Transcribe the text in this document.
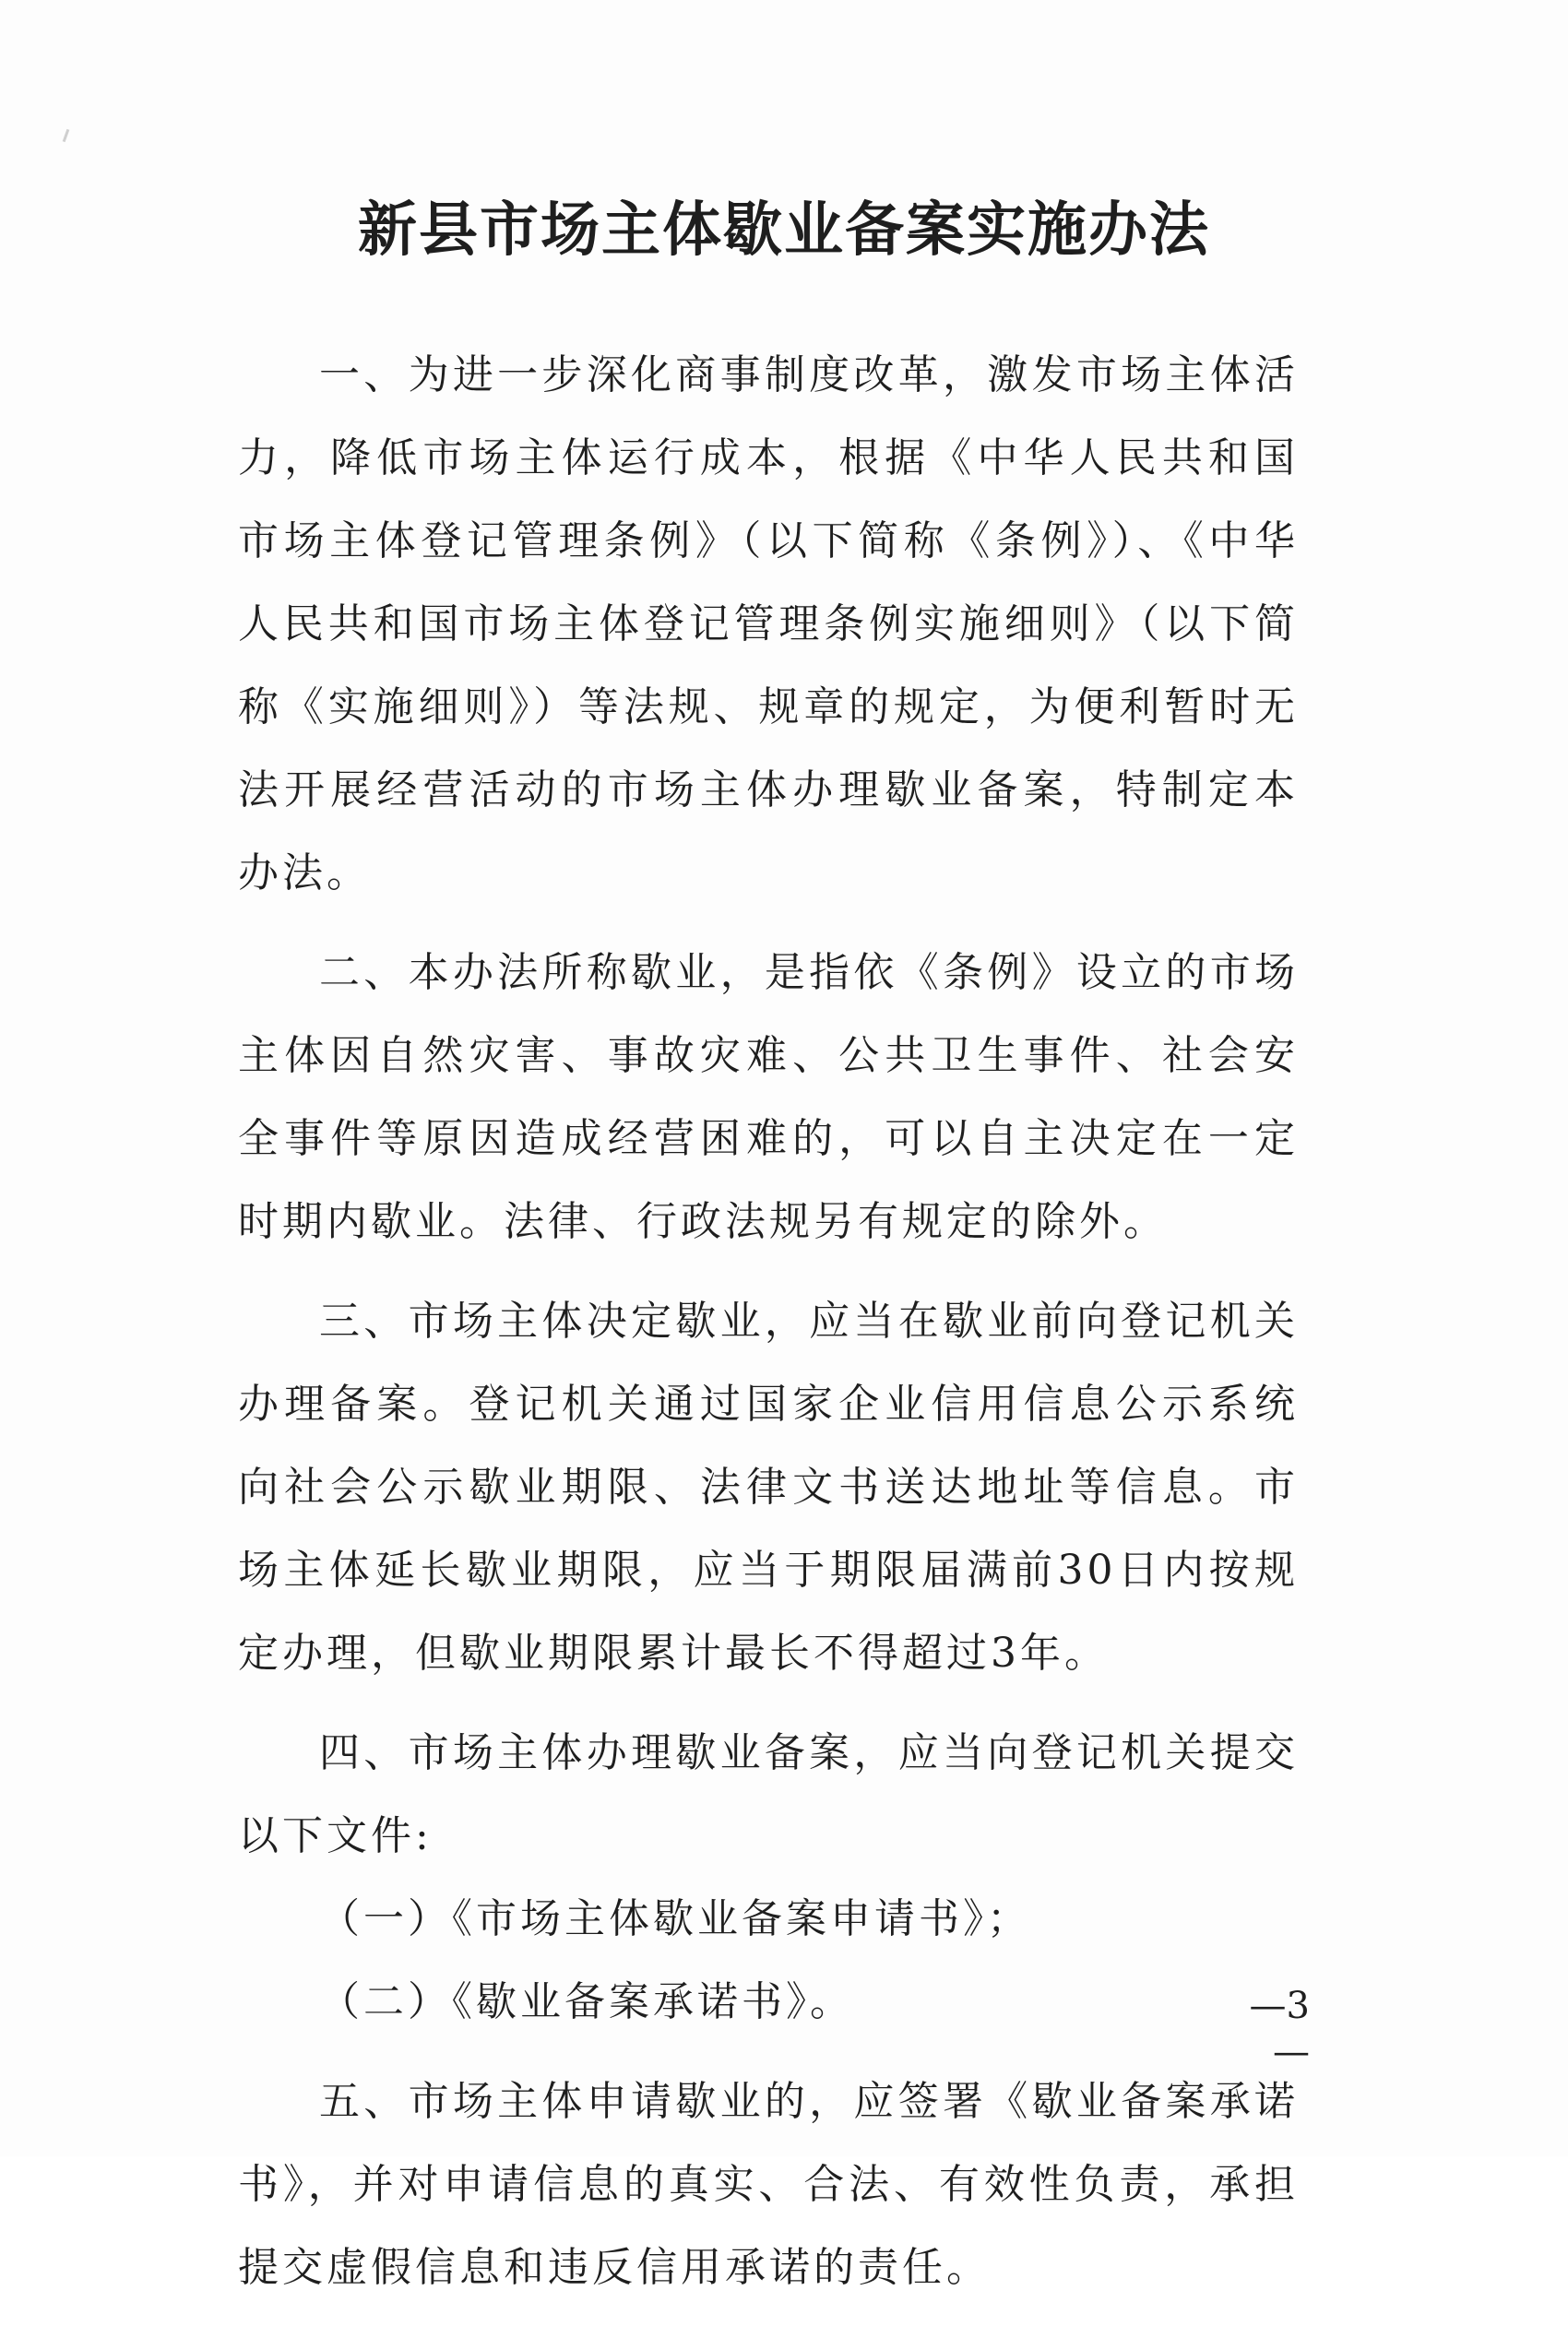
新县市场主体歇业备案实施办法

一、为进一步深化商事制度改革，激发市场主体活力，降低市场主体运行成本，根据《中华人民共和国市场主体登记管理条例》（以下简称《条例》）、《中华人民共和国市场主体登记管理条例实施细则》（以下简称《实施细则》）等法规、规章的规定，为便利暂时无法开展经营活动的市场主体办理歇业备案，特制定本办法。

二、本办法所称歇业，是指依《条例》设立的市场主体因自然灾害、事故灾难、公共卫生事件、社会安全事件等原因造成经营困难的，可以自主决定在一定时期内歇业。法律、行政法规另有规定的除外。

三、市场主体决定歇业，应当在歇业前向登记机关办理备案。登记机关通过国家企业信用信息公示系统向社会公示歇业期限、法律文书送达地址等信息。市场主体延长歇业期限，应当于期限届满前30日内按规定办理，但歇业期限累计最长不得超过3年。

四、市场主体办理歇业备案，应当向登记机关提交以下文件:

（一）《市场主体歇业备案申请书》；

（二）《歇业备案承诺书》。

五、市场主体申请歇业的，应签署《歇业备案承诺书》，并对申请信息的真实、合法、有效性负责，承担提交虚假信息和违反信用承诺的责任。

—3—
